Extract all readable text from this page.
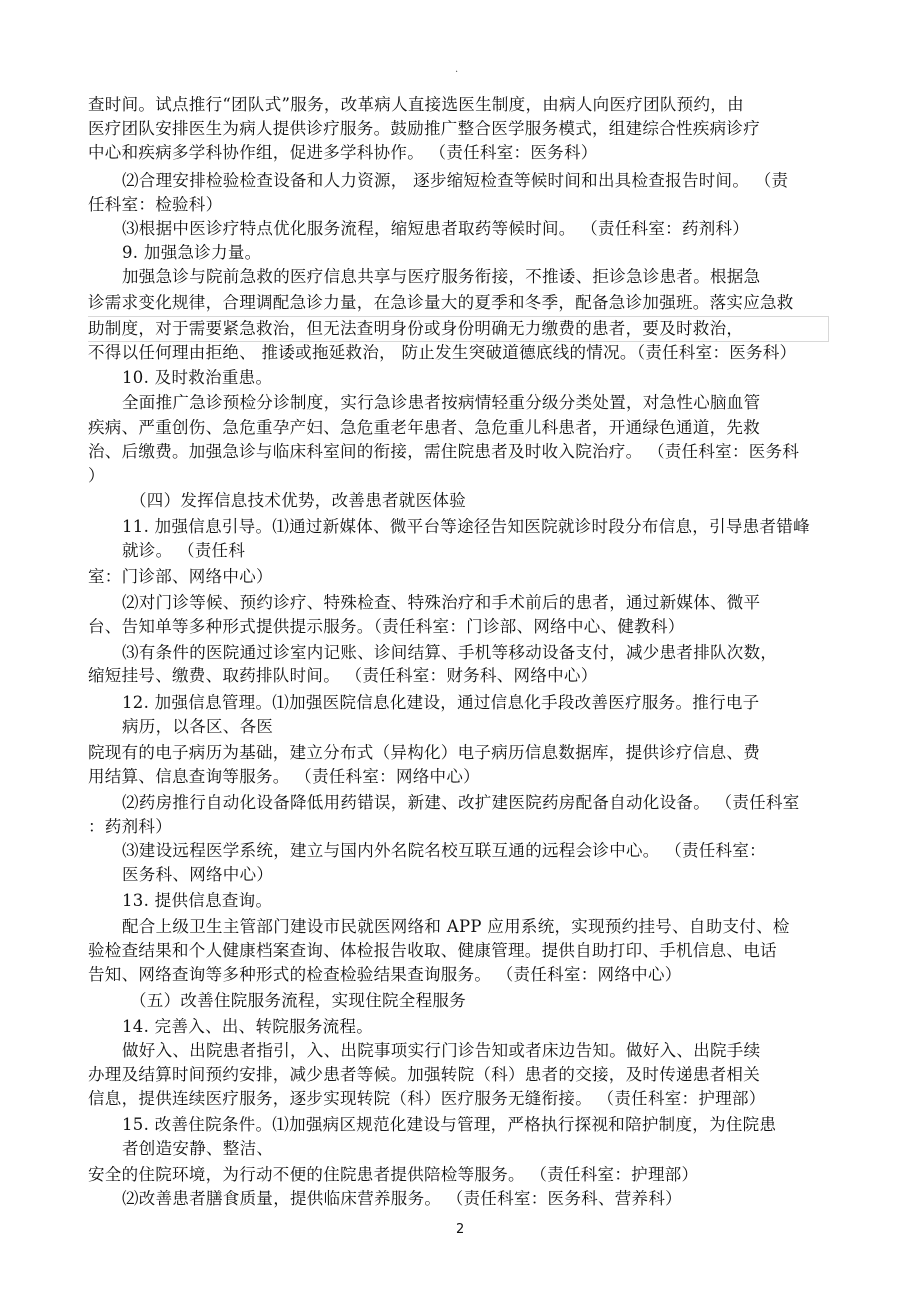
.
查时间。试点推行“团队式”服务，改革病人直接选医生制度，由病人向医疗团队预约，由
医疗团队安排医生为病人提供诊疗服务。鼓励推广整合医学服务模式，组建综合性疾病诊疗
中心和疾病多学科协作组，促进多学科协作。 （责任科室：医务科）
⑵合理安排检验检查设备和人力资源， 逐步缩短检查等候时间和出具检查报告时间。 （责
任科室：检验科）
⑶根据中医诊疗特点优化服务流程，缩短患者取药等候时间。 （责任科室：药剂科）
9. 加强急诊力量。
加强急诊与院前急救的医疗信息共享与医疗服务衔接，不推诿、拒诊急诊患者。根据急
诊需求变化规律，合理调配急诊力量，在急诊量大的夏季和冬季，配备急诊加强班。落实应急救
助制度，对于需要紧急救治，但无法查明身份或身份明确无力缴费的患者，要及时救治，
不得以任何理由拒绝、 推诿或拖延救治， 防止发生突破道德底线的情况。（责任科室：医务科）
10. 及时救治重患。
全面推广急诊预检分诊制度，实行急诊患者按病情轻重分级分类处置，对急性心脑血管
疾病、严重创伤、急危重孕产妇、急危重老年患者、急危重儿科患者，开通绿色通道，先救
治、后缴费。加强急诊与临床科室间的衔接，需住院患者及时收入院治疗。 （责任科室：医务科
）
（四）发挥信息技术优势，改善患者就医体验
11. 加强信息引导。⑴通过新媒体、微平台等途径告知医院就诊时段分布信息，引导患者错峰
就诊。 （责任科
室：门诊部、网络中心）
⑵对门诊等候、预约诊疗、特殊检查、特殊治疗和手术前后的患者，通过新媒体、微平
台、告知单等多种形式提供提示服务。（责任科室：门诊部、网络中心、健教科）
⑶有条件的医院通过诊室内记账、诊间结算、手机等移动设备支付，减少患者排队次数，
缩短挂号、缴费、取药排队时间。 （责任科室：财务科、网络中心）
12. 加强信息管理。⑴加强医院信息化建设，通过信息化手段改善医疗服务。推行电子
病历，以各区、各医
院现有的电子病历为基础，建立分布式（异构化）电子病历信息数据库，提供诊疗信息、费
用结算、信息查询等服务。 （责任科室：网络中心）
⑵药房推行自动化设备降低用药错误，新建、改扩建医院药房配备自动化设备。 （责任科室
：药剂科）
⑶建设远程医学系统，建立与国内外名院名校互联互通的远程会诊中心。 （责任科室：
医务科、网络中心）
13. 提供信息查询。
配合上级卫生主管部门建设市民就医网络和 APP 应用系统，实现预约挂号、自助支付、检
验检查结果和个人健康档案查询、体检报告收取、健康管理。提供自助打印、手机信息、电话
告知、网络查询等多种形式的检查检验结果查询服务。 （责任科室：网络中心）
（五）改善住院服务流程，实现住院全程服务
14. 完善入、出、转院服务流程。
做好入、出院患者指引，入、出院事项实行门诊告知或者床边告知。做好入、出院手续
办理及结算时间预约安排，减少患者等候。加强转院（科）患者的交接，及时传递患者相关
信息，提供连续医疗服务，逐步实现转院（科）医疗服务无缝衔接。 （责任科室：护理部）
15. 改善住院条件。⑴加强病区规范化建设与管理，严格执行探视和陪护制度，为住院患
者创造安静、整洁、
安全的住院环境，为行动不便的住院患者提供陪检等服务。 （责任科室：护理部）
⑵改善患者膳食质量，提供临床营养服务。 （责任科室：医务科、营养科）
2
